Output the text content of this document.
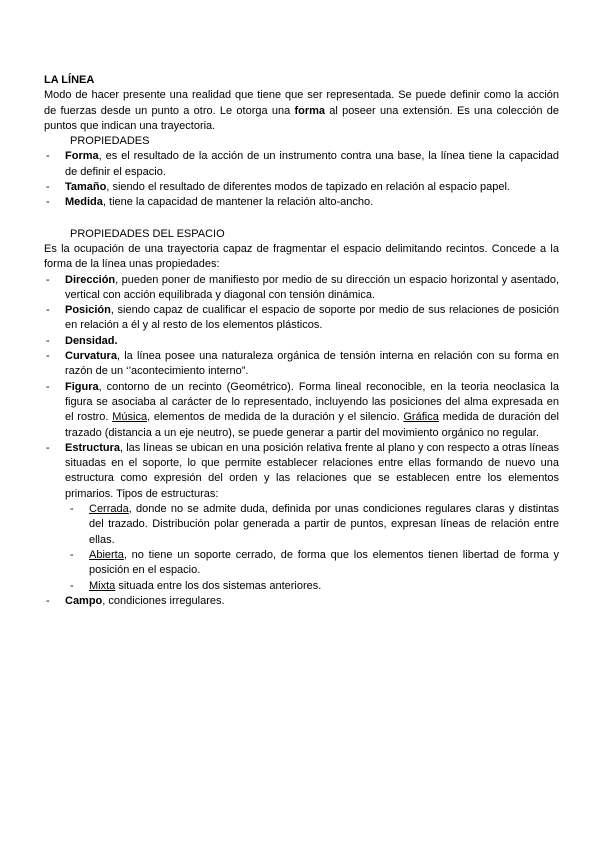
LA LÍNEA

Modo de hacer presente una realidad que tiene que ser representada. Se puede definir como la acción de fuerzas desde un punto a otro. Le otorga una forma al poseer una extensión. Es una colección de puntos que indican una trayectoria.

PROPIEDADES

- Forma, es el resultado de la acción de un instrumento contra una base, la línea tiene la capacidad de definir el espacio.
- Tamaño, siendo el resultado de diferentes modos de tapizado en relación al espacio papel.
- Medida, tiene la capacidad de mantener la relación alto-ancho.

PROPIEDADES DEL ESPACIO

Es la ocupación de una trayectoria capaz de fragmentar el espacio delimitando recintos. Concede a la forma de la línea unas propiedades:

- Dirección, pueden poner de manifiesto por medio de su dirección un espacio horizontal y asentado, vertical con acción equilibrada y diagonal con tensión dinámica.
- Posición, siendo capaz de cualificar el espacio de soporte por medio de sus relaciones de posición en relación a él y al resto de los elementos plásticos.
- Densidad.
- Curvatura, la línea posee una naturaleza orgánica de tensión interna en relación con su forma en razón de un ‘’acontecimiento interno”.
- Figura, contorno de un recinto (Geométrico). Forma lineal reconocible, en la teoria neoclasica la figura se asociaba al carácter de lo representado, incluyendo las posiciones del alma expresada en el rostro. Música, elementos de medida de la duración y el silencio. Gráfica medida de duración del trazado (distancia a un eje neutro), se puede generar a partir del movimiento orgánico no regular.
- Estructura, las líneas se ubican en una posición relativa frente al plano y con respecto a otras líneas situadas en el soporte, lo que permite establecer relaciones entre ellas formando de nuevo una estructura como expresión del orden y las relaciones que se establecen entre los elementos primarios. Tipos de estructuras:
- Cerrada, donde no se admite duda, definida por unas condiciones regulares claras y distintas del trazado. Distribución polar generada a partir de puntos, expresan líneas de relación entre ellas.
- Abierta, no tiene un soporte cerrado, de forma que los elementos tienen libertad de forma y posición en el espacio.
- Mixta situada entre los dos sistemas anteriores.
- Campo, condiciones irregulares.
